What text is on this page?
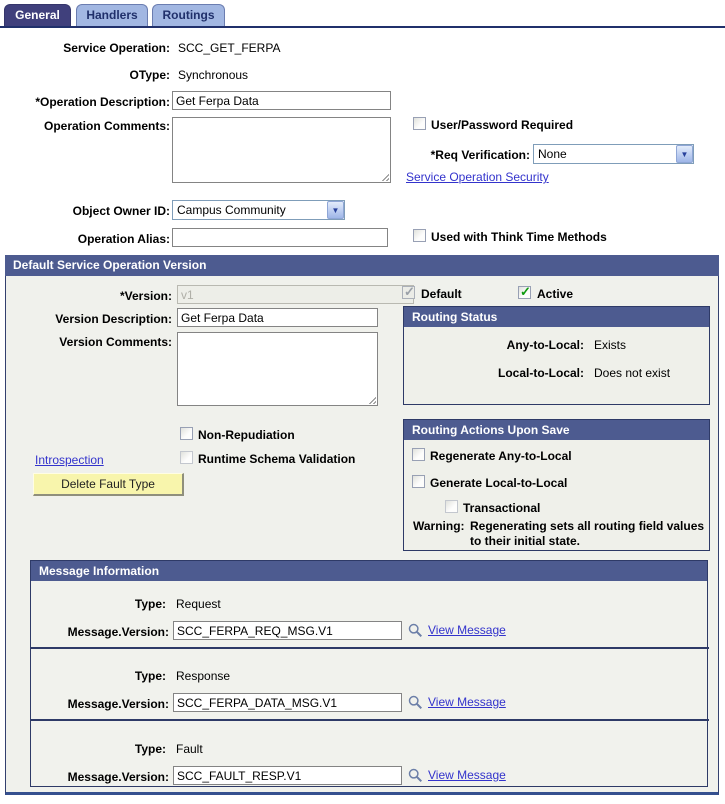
General	Handlers	Routings
Service Operation: SCC_GET_FERPA
OType: Synchronous
*Operation Description:
Get Ferpa Data
Operation Comments:	User/Password Required
*Req Verification: None	▼
Service Operation Security
Object Owner ID: Campus Community	▼
Operation Alias:	Used with Think Time Methods
Default Service Operation Version
*Version:
v1 ✓	Default ✓	Active
Version Description:
Get Ferpa Data
Version Comments:
Routing Status
Any-to-Local: Exists
Local-to-Local: Does not exist
Non-Repudiation
Introspection	Runtime Schema Validation
Delete Fault Type
Routing Actions Upon Save
Regenerate Any-to-Local
Generate Local-to-Local
Transactional
Warning: Regenerating sets all routing field values to their initial state.
Message Information
Type: Request
Message.Version:
SCC_FERPA_REQ_MSG.V1	View Message
Type: Response
Message.Version:
SCC_FERPA_DATA_MSG.V1	View Message
Type: Fault
Message.Version:
SCC_FAULT_RESP.V1	View Message
